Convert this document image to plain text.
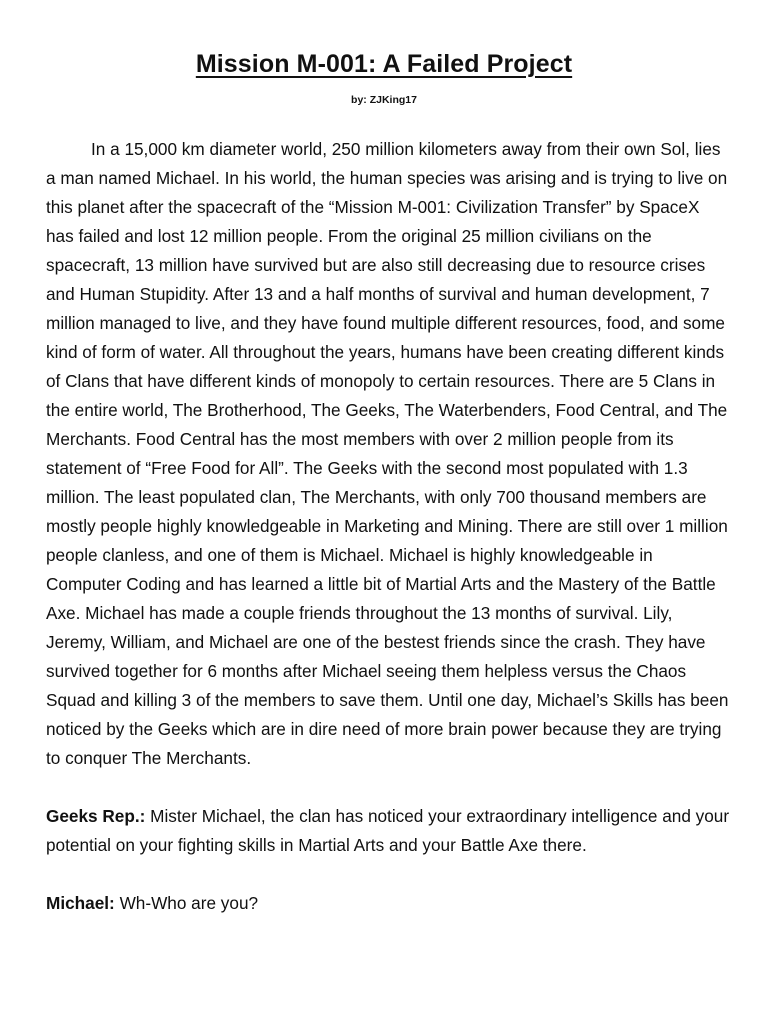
Mission M-001: A Failed Project
by: ZJKing17

In a 15,000 km diameter world, 250 million kilometers away from their own Sol, lies a man named Michael. In his world, the human species was arising and is trying to live on this planet after the spacecraft of the “Mission M-001: Civilization Transfer” by SpaceX has failed and lost 12 million people. From the original 25 million civilians on the spacecraft, 13 million have survived but are also still decreasing due to resource crises and Human Stupidity. After 13 and a half months of survival and human development, 7 million managed to live, and they have found multiple different resources, food, and some kind of form of water. All throughout the years, humans have been creating different kinds of Clans that have different kinds of monopoly to certain resources. There are 5 Clans in the entire world, The Brotherhood, The Geeks, The Waterbenders, Food Central, and The Merchants. Food Central has the most members with over 2 million people from its statement of “Free Food for All”. The Geeks with the second most populated with 1.3 million. The least populated clan, The Merchants, with only 700 thousand members are mostly people highly knowledgeable in Marketing and Mining. There are still over 1 million people clanless, and one of them is Michael. Michael is highly knowledgeable in Computer Coding and has learned a little bit of Martial Arts and the Mastery of the Battle Axe. Michael has made a couple friends throughout the 13 months of survival. Lily, Jeremy, William, and Michael are one of the bestest friends since the crash. They have survived together for 6 months after Michael seeing them helpless versus the Chaos Squad and killing 3 of the members to save them. Until one day, Michael’s Skills has been noticed by the Geeks which are in dire need of more brain power because they are trying to conquer The Merchants.

Geeks Rep.: Mister Michael, the clan has noticed your extraordinary intelligence and your potential on your fighting skills in Martial Arts and your Battle Axe there.

Michael: Wh-Who are you?
